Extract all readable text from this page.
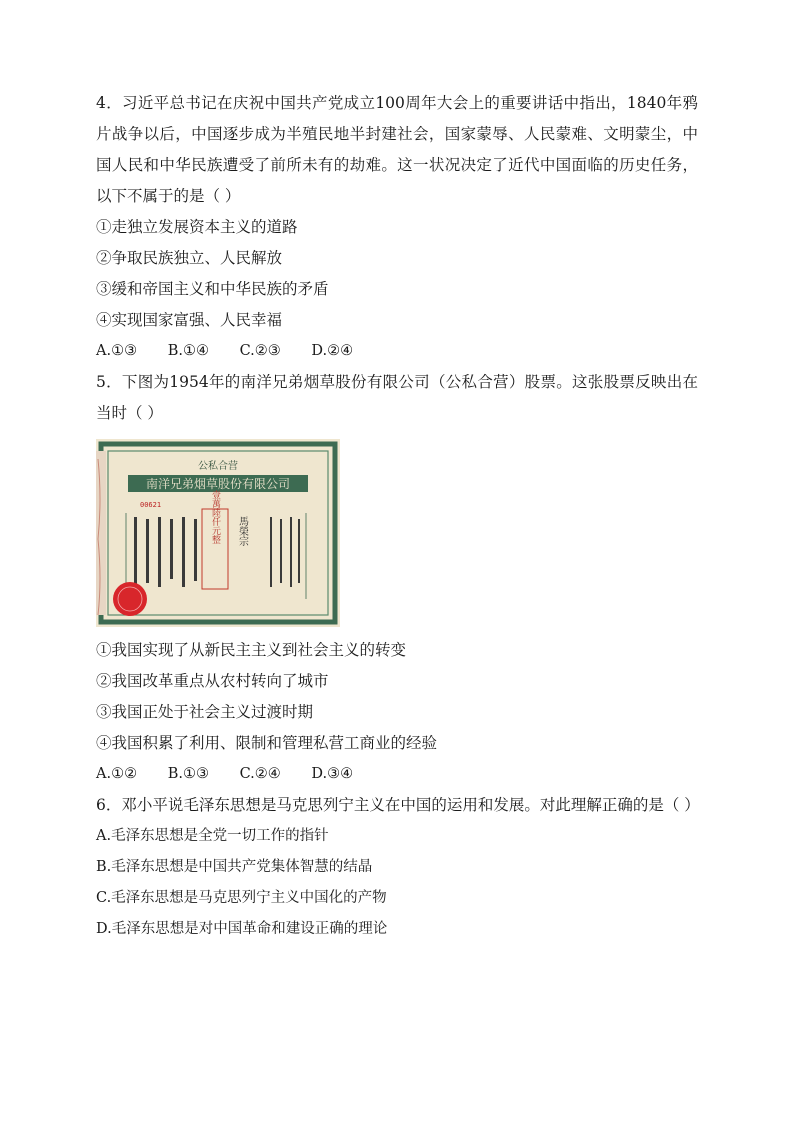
4．习近平总书记在庆祝中国共产党成立100周年大会上的重要讲话中指出，1840年鸦片战争以后，中国逐步成为半殖民地半封建社会，国家蒙辱、人民蒙难、文明蒙尘，中国人民和中华民族遭受了前所未有的劫难。这一状况决定了近代中国面临的历史任务，以下不属于的是（ ）
①走独立发展资本主义的道路
②争取民族独立、人民解放
③缓和帝国主义和中华民族的矛盾
④实现国家富强、人民幸福
A.①③ B.①④ C.②③ D.②④
5．下图为1954年的南洋兄弟烟草股份有限公司（公私合营）股票。这张股票反映出在当时（ ）
公私合营
南洋兄弟烟草股份有限公司
00621
馬榮宗
壹萬陸仟元整
①我国实现了从新民主主义到社会主义的转变
②我国改革重点从农村转向了城市
③我国正处于社会主义过渡时期
④我国积累了利用、限制和管理私营工商业的经验
A.①② B.①③ C.②④ D.③④
6．邓小平说毛泽东思想是马克思列宁主义在中国的运用和发展。对此理解正确的是（ ）
A.毛泽东思想是全党一切工作的指针
B.毛泽东思想是中国共产党集体智慧的结晶
C.毛泽东思想是马克思列宁主义中国化的产物
D.毛泽东思想是对中国革命和建设正确的理论
